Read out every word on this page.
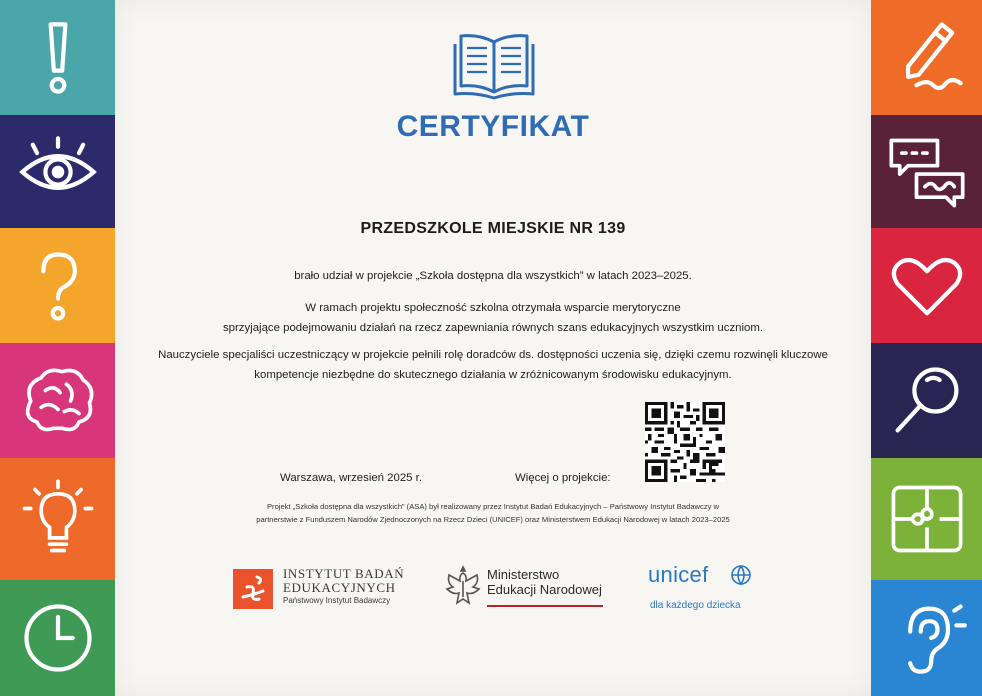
CERTYFIKAT
PRZEDSZKOLE MIEJSKIE NR 139
brało udział w projekcie „Szkoła dostępna dla wszystkich” w latach 2023–2025.
W ramach projektu społeczność szkolna otrzymała wsparcie merytoryczne
sprzyjające podejmowaniu działań na rzecz zapewniania równych szans edukacyjnych wszystkim uczniom.
Nauczyciele specjaliści uczestniczący w projekcie pełnili rolę doradców ds. dostępności uczenia się, dzięki czemu rozwinęli kluczowe
kompetencje niezbędne do skutecznego działania w zróżnicowanym środowisku edukacyjnym.
Warszawa, wrzesień 2025 r.	Więcej o projekcie:
Projekt „Szkoła dostępna dla wszystkich” (ASA) był realizowany przez Instytut Badań Edukacyjnych – Państwowy Instytut Badawczy w
partnerstwie z Funduszem Narodów Zjednoczonych na Rzecz Dzieci (UNICEF) oraz Ministerstwem Edukacji Narodowej w latach 2023–2025
INSTYTUT BADAŃ
EDUKACYJNYCH
Państwowy Instytut Badawczy
Ministerstwo
Edukacji Narodowej
unicef
dla każdego dziecka
